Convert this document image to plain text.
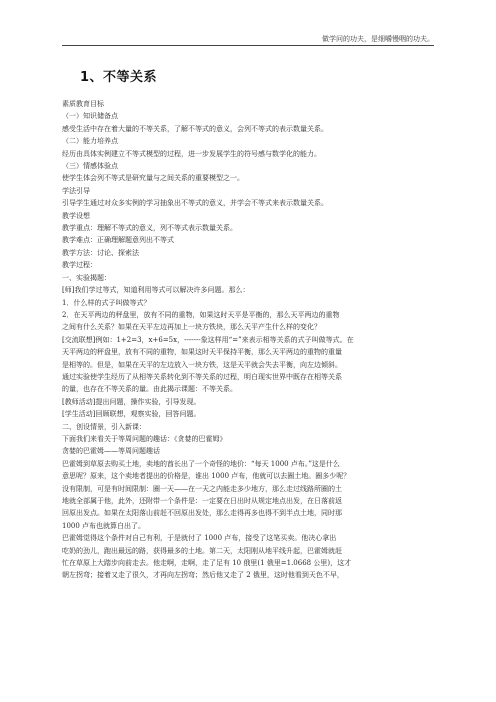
做学问的功夫，是细嚼慢咽的功夫。
1、不等关系

素质教育目标

（一）知识储备点

感受生活中存在着大量的不等关系，了解不等式的意义，会列不等式的表示数量关系。

（二）能力培养点

经历由具体实例建立不等式模型的过程，进一步发展学生的符号感与数学化的能力。

（三）情感体验点

使学生体会列不等式是研究量与之间关系的重要模型之一。

学法引导

引导学生通过对众多实例的学习抽象出不等式的意义，并学会不等式来表示数量关系。

教学设想

教学重点：理解不等式的意义，列不等式表示数量关系。

教学难点：正确理解题意列出不等式

教学方法：讨论、探索法

教学过程：

一、实验揭题：

[师]我们学过等式，知道利用等式可以解决许多问题。那么：

1．什么样的式子叫做等式？

2．在天平两边的秤盘里，放有不同的重物，如果这时天平是平衡的，那么天平两边的重物

之间有什么关系？如果在天平左边再加上一块方铁块，那么天平产生什么样的变化？

[交流联想]例如：1+2=3，x+6=5x，-------象这样用“=”来表示相等关系的式子叫做等式。在

天平两边的秤盘里，放有不同的重物，如果这时天平保持平衡，那么天平两边的重物的重量

是相等的。但是，如果在天平的左边放入一块方铁，这是天平就会失去平衡，向左边倾斜。

通过实验使学生经历了从相等关系转化到不等关系的过程，明白现实世界中既存在相等关系

的量，也存在不等关系的量。由此揭示课题：不等关系。

[教师活动]提出问题，操作实验，引导发现。

[学生活动]回顾联想，观察实验，回答问题。

二、创设情景，引入新课：

下面我们来看关于等周问题的趣话：《贪婪的巴霍姆》

贪婪的巴霍姆——等周问题趣话

巴霍姆到草原去购买土地，卖地的酋长出了一个奇怪的地价：“每天 1000 卢布。”这是什么

意思呢？原来，这个卖地者提出的价格是，谁出 1000 卢布，他就可以去圈土地。圈多少呢？

没有限制，可是有时间限制：圈一天——在一天之内能走多少地方，那么走过线路所圈的土

地就全部属于他，此外，还附带一个条件是：一定要在日出时从规定地点出发，在日落前返

回原出发点。如果在太阳落山前赶不回原出发处，那么走得再多也得不到半点土地，同时那

1000 卢布也就算白出了。

巴霍姆觉得这个条件对自己有利，于是就付了 1000 卢布，接受了这笔买卖。他决心拿出

吃奶的劲儿，跑出最远的路，获得最多的土地。第二天，太阳刚从地平线升起，巴霍姆就赶

忙在草原上大踏步向前走去。他走啊，走啊，走了足有 10 俄里(1 俄里=1.0668 公里)，这才

朝左拐弯；接着又走了很久，才再向左拐弯；然后他又走了 2 俄里，这时他看到天色不早，
